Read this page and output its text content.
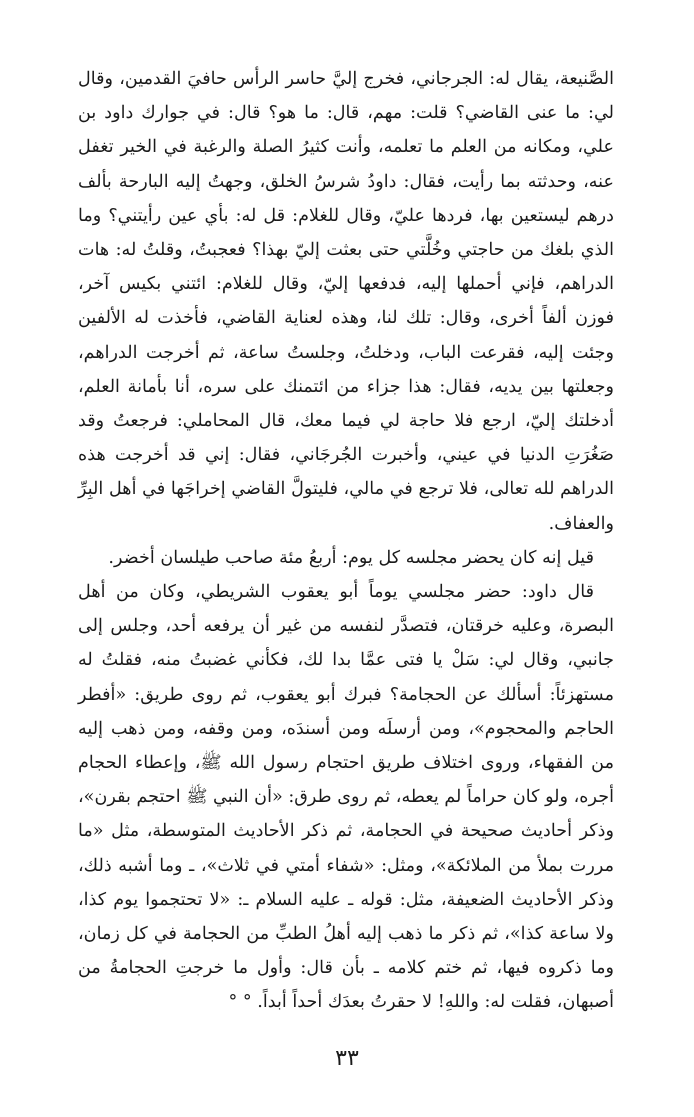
الصَّنيعة، يقال له: الجرجاني، فخرج إليَّ حاسر الرأس حافيَ القدمين، وقال لي: ما عنى القاضي؟ قلت: مهم، قال: ما هو؟ قال: في جوارك داود بن علي، ومكانه من العلم ما تعلمه، وأنت كثيرُ الصلة والرغبة في الخير تغفل عنه، وحدثته بما رأيت، فقال: داودُ شرسُ الخلق، وجهتُ إليه البارحة بألف درهم ليستعين بها، فردها عليّ، وقال للغلام: قل له: بأي عين رأيتني؟ وما الذي بلغك من حاجتي وخُلَّتي حتى بعثت إليّ بهذا؟ فعجبتُ، وقلتُ له: هات الدراهم، فإني أحملها إليه، فدفعها إليّ، وقال للغلام: ائتني بكيس آخر، فوزن ألفاً أخرى، وقال: تلك لنا، وهذه لعناية القاضي، فأخذت له الألفين وجئت إليه، فقرعت الباب، ودخلتُ، وجلستُ ساعة، ثم أخرجت الدراهم، وجعلتها بين يديه، فقال: هذا جزاء من ائتمنك على سره، أنا بأمانة العلم، أدخلتك إليّ، ارجع فلا حاجة لي فيما معك، قال المحاملي: فرجعتُ وقد صَغُرَتِ الدنيا في عيني، وأخبرت الجُرجَاني، فقال: إني قد أخرجت هذه الدراهم لله تعالى، فلا ترجع في مالي، فليتولَّ القاضي إخراجَها في أهل البِرِّ والعفاف.

قيل إنه كان يحضر مجلسه كل يوم: أربعُ مئة صاحب طيلسان أخضر.

قال داود: حضر مجلسي يوماً أبو يعقوب الشريطي، وكان من أهل البصرة، وعليه خرقتان، فتصدَّر لنفسه من غير أن يرفعه أحد، وجلس إلى جانبي، وقال لي: سَلْ يا فتى عمَّا بدا لك، فكأني غضبتُ منه، فقلتُ له مستهزئاً: أسألك عن الحجامة؟ فبرك أبو يعقوب، ثم روى طريق: «أفطر الحاجم والمحجوم»، ومن أرسلَه ومن أسندَه، ومن وقفه، ومن ذهب إليه من الفقهاء، وروى اختلاف طريق احتجام رسول الله ﷺ، وإعطاء الحجام أجره، ولو كان حراماً لم يعطه، ثم روى طرق: «أن النبي ﷺ احتجم بقرن»، وذكر أحاديث صحيحة في الحجامة، ثم ذكر الأحاديث المتوسطة، مثل «ما مررت بملأ من الملائكة»، ومثل: «شفاء أمتي في ثلاث»، ـ وما أشبه ذلك، وذكر الأحاديث الضعيفة، مثل: قوله ـ عليه السلام ـ: «لا تحتجموا يوم كذا، ولا ساعة كذا»، ثم ذكر ما ذهب إليه أهلُ الطبِّ من الحجامة في كل زمان، وما ذكروه فيها، ثم ختم كلامه ـ بأن قال: وأول ما خرجتِ الحجامةُ من أصبهان، فقلت له: واللهِ! لا حقرتُ بعدَك أحداً أبداً. ° °

٣٣
